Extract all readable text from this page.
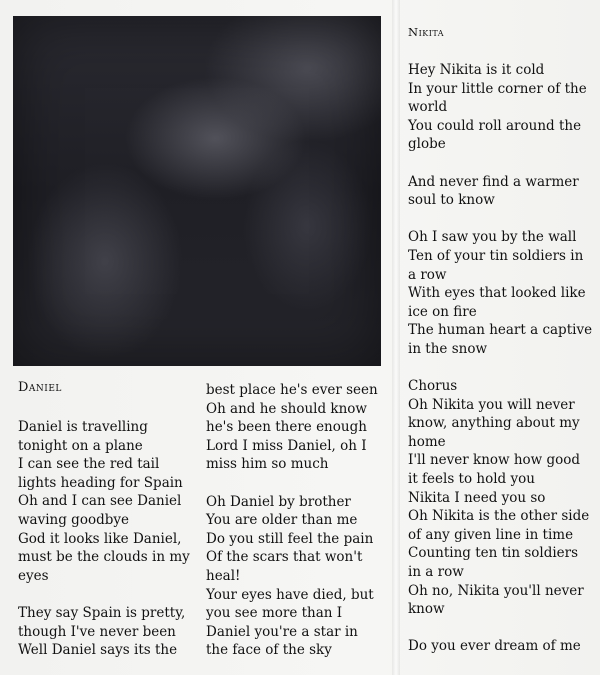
Daniel
Daniel is travelling
tonight on a plane
I can see the red tail
lights heading for Spain
Oh and I can see Daniel
waving goodbye
God it looks like Daniel,
must be the clouds in my
eyes
They say Spain is pretty,
though I've never been
Well Daniel says its the
best place he's ever seen
Oh and he should know
he's been there enough
Lord I miss Daniel, oh I
miss him so much
Oh Daniel by brother
You are older than me
Do you still feel the pain
Of the scars that won't
heal!
Your eyes have died, but
you see more than I
Daniel you're a star in
the face of the sky
Nikita
Hey Nikita is it cold
In your little corner of the
world
You could roll around the
globe
And never find a warmer
soul to know
Oh I saw you by the wall
Ten of your tin soldiers in
a row
With eyes that looked like
ice on fire
The human heart a captive
in the snow
Chorus
Oh Nikita you will never
know, anything about my
home
I'll never know how good
it feels to hold you
Nikita I need you so
Oh Nikita is the other side
of any given line in time
Counting ten tin soldiers
in a row
Oh no, Nikita you'll never
know
Do you ever dream of me
